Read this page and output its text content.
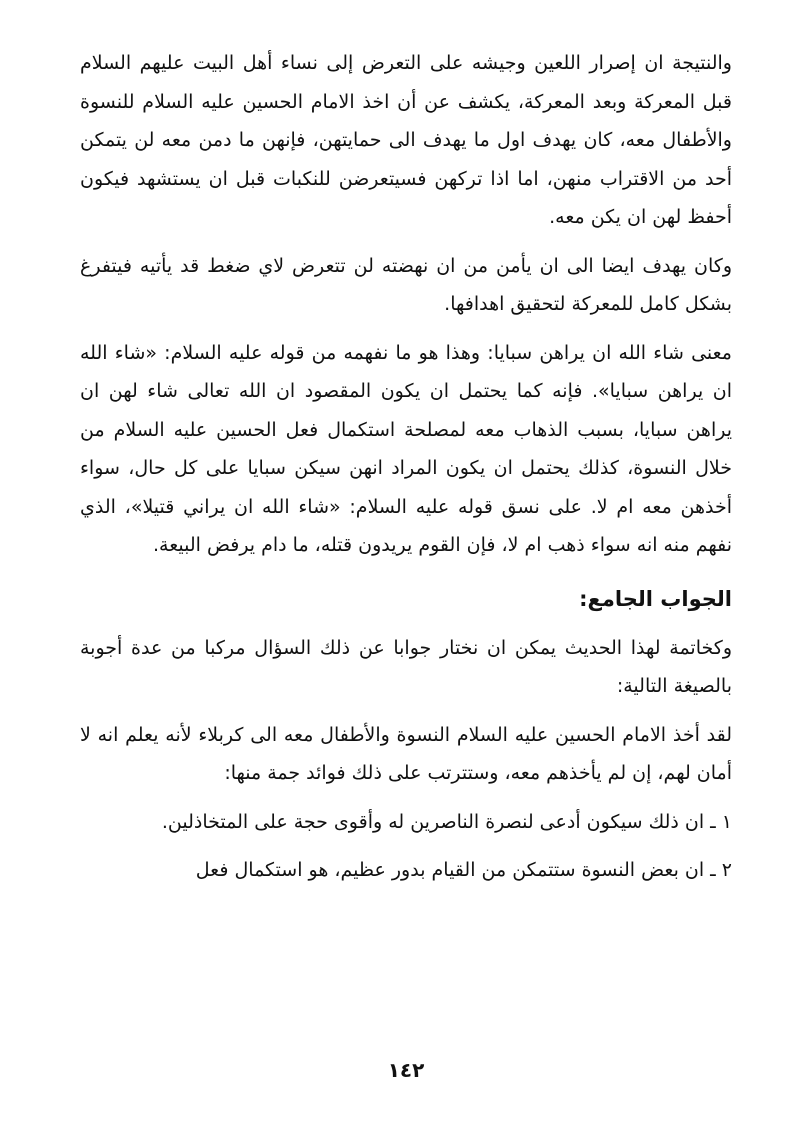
والنتيجة ان إصرار اللعين وجيشه على التعرض إلى نساء أهل البيت عليهم السلام قبل المعركة وبعد المعركة، يكشف عن أن اخذ الامام الحسين عليه السلام للنسوة والأطفال معه، كان يهدف اول ما يهدف الى حمايتهن، فإنهن ما دمن معه لن يتمكن أحد من الاقتراب منهن، اما اذا تركهن فسيتعرضن للنكبات قبل ان يستشهد فيكون أحفظ لهن ان يكن معه.

وكان يهدف ايضا الى ان يأمن من ان نهضته لن تتعرض لاي ضغط قد يأتيه فيتفرغ بشكل كامل للمعركة لتحقيق اهدافها.

معنى شاء الله ان يراهن سبايا: وهذا هو ما نفهمه من قوله عليه السلام: «شاء الله ان يراهن سبايا». فإنه كما يحتمل ان يكون المقصود ان الله تعالى شاء لهن ان يراهن سبايا، بسبب الذهاب معه لمصلحة استكمال فعل الحسين عليه السلام من خلال النسوة، كذلك يحتمل ان يكون المراد انهن سيكن سبايا على كل حال، سواء أخذهن معه ام لا. على نسق قوله عليه السلام: «شاء الله ان يراني قتيلا»، الذي نفهم منه انه سواء ذهب ام لا، فإن القوم يريدون قتله، ما دام يرفض البيعة.

الجواب الجامع:

وكخاتمة لهذا الحديث يمكن ان نختار جوابا عن ذلك السؤال مركبا من عدة أجوبة بالصيغة التالية:

لقد أخذ الامام الحسين عليه السلام النسوة والأطفال معه الى كربلاء لأنه يعلم انه لا أمان لهم، إن لم يأخذهم معه، وستترتب على ذلك فوائد جمة منها:

١ ـ ان ذلك سيكون أدعى لنصرة الناصرين له وأقوى حجة على المتخاذلين.

٢ ـ ان بعض النسوة ستتمكن من القيام بدور عظيم، هو استكمال فعل

١٤٢
